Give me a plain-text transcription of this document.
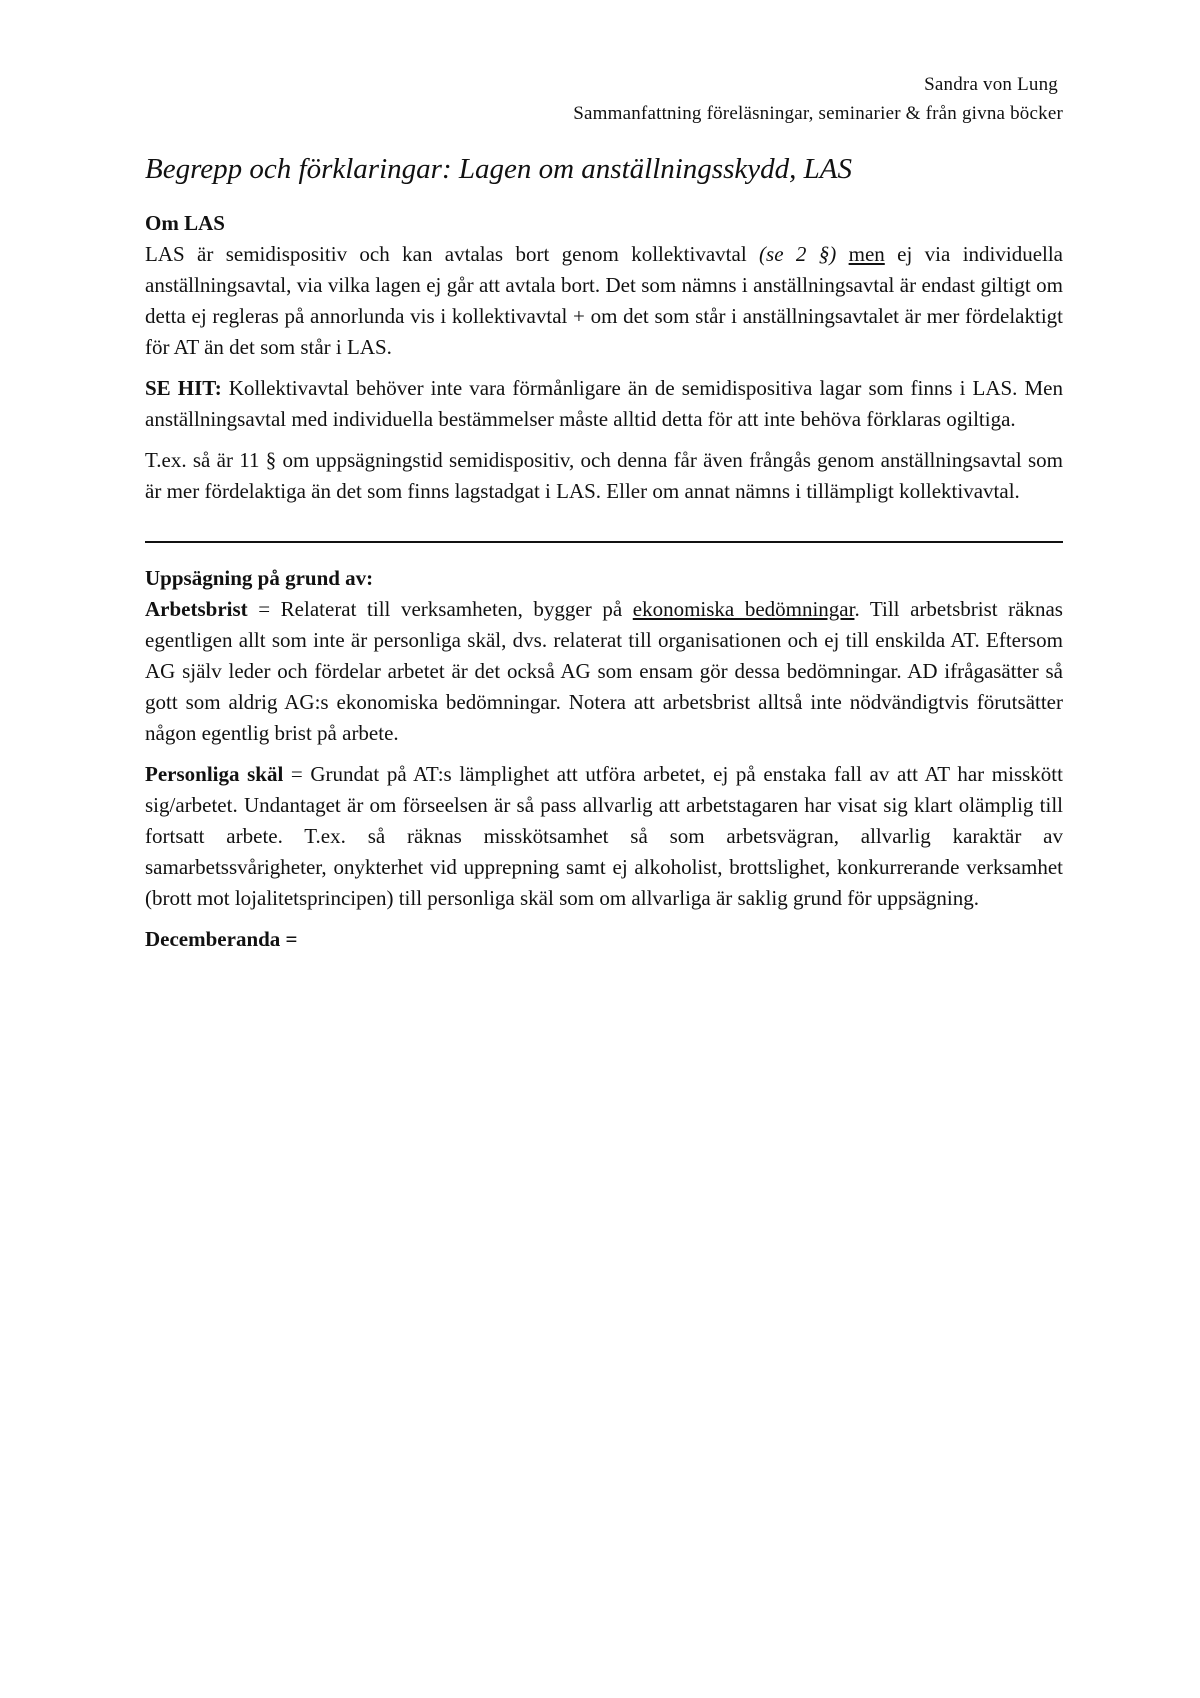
Sandra von Lung
Sammanfattning föreläsningar, seminarier & från givna böcker
Begrepp och förklaringar: Lagen om anställningsskydd, LAS

Om LAS

LAS är semidispositiv och kan avtalas bort genom kollektivavtal (se 2 §) men ej via individuella anställningsavtal, via vilka lagen ej går att avtala bort. Det som nämns i anställningsavtal är endast giltigt om detta ej regleras på annorlunda vis i kollektivavtal + om det som står i anställningsavtalet är mer fördelaktigt för AT än det som står i LAS.

SE HIT: Kollektivavtal behöver inte vara förmånligare än de semidispositiva lagar som finns i LAS. Men anställningsavtal med individuella bestämmelser måste alltid detta för att inte behöva förklaras ogiltiga.

T.ex. så är 11 § om uppsägningstid semidispositiv, och denna får även frångås genom anställningsavtal som är mer fördelaktiga än det som finns lagstadgat i LAS. Eller om annat nämns i tillämpligt kollektivavtal.

Uppsägning på grund av:

Arbetsbrist = Relaterat till verksamheten, bygger på ekonomiska bedömningar. Till arbetsbrist räknas egentligen allt som inte är personliga skäl, dvs. relaterat till organisationen och ej till enskilda AT. Eftersom AG själv leder och fördelar arbetet är det också AG som ensam gör dessa bedömningar. AD ifrågasätter så gott som aldrig AG:s ekonomiska bedömningar. Notera att arbetsbrist alltså inte nödvändigtvis förutsätter någon egentlig brist på arbete.

Personliga skäl = Grundat på AT:s lämplighet att utföra arbetet, ej på enstaka fall av att AT har misskött sig/arbetet. Undantaget är om förseelsen är så pass allvarlig att arbetstagaren har visat sig klart olämplig till fortsatt arbete. T.ex. så räknas misskötsamhet så som arbetsvägran, allvarlig karaktär av samarbetssvårigheter, onykterhet vid upprepning samt ej alkoholist, brottslighet, konkurrerande verksamhet (brott mot lojalitetsprincipen) till personliga skäl som om allvarliga är saklig grund för uppsägning.

Decemberanda =
